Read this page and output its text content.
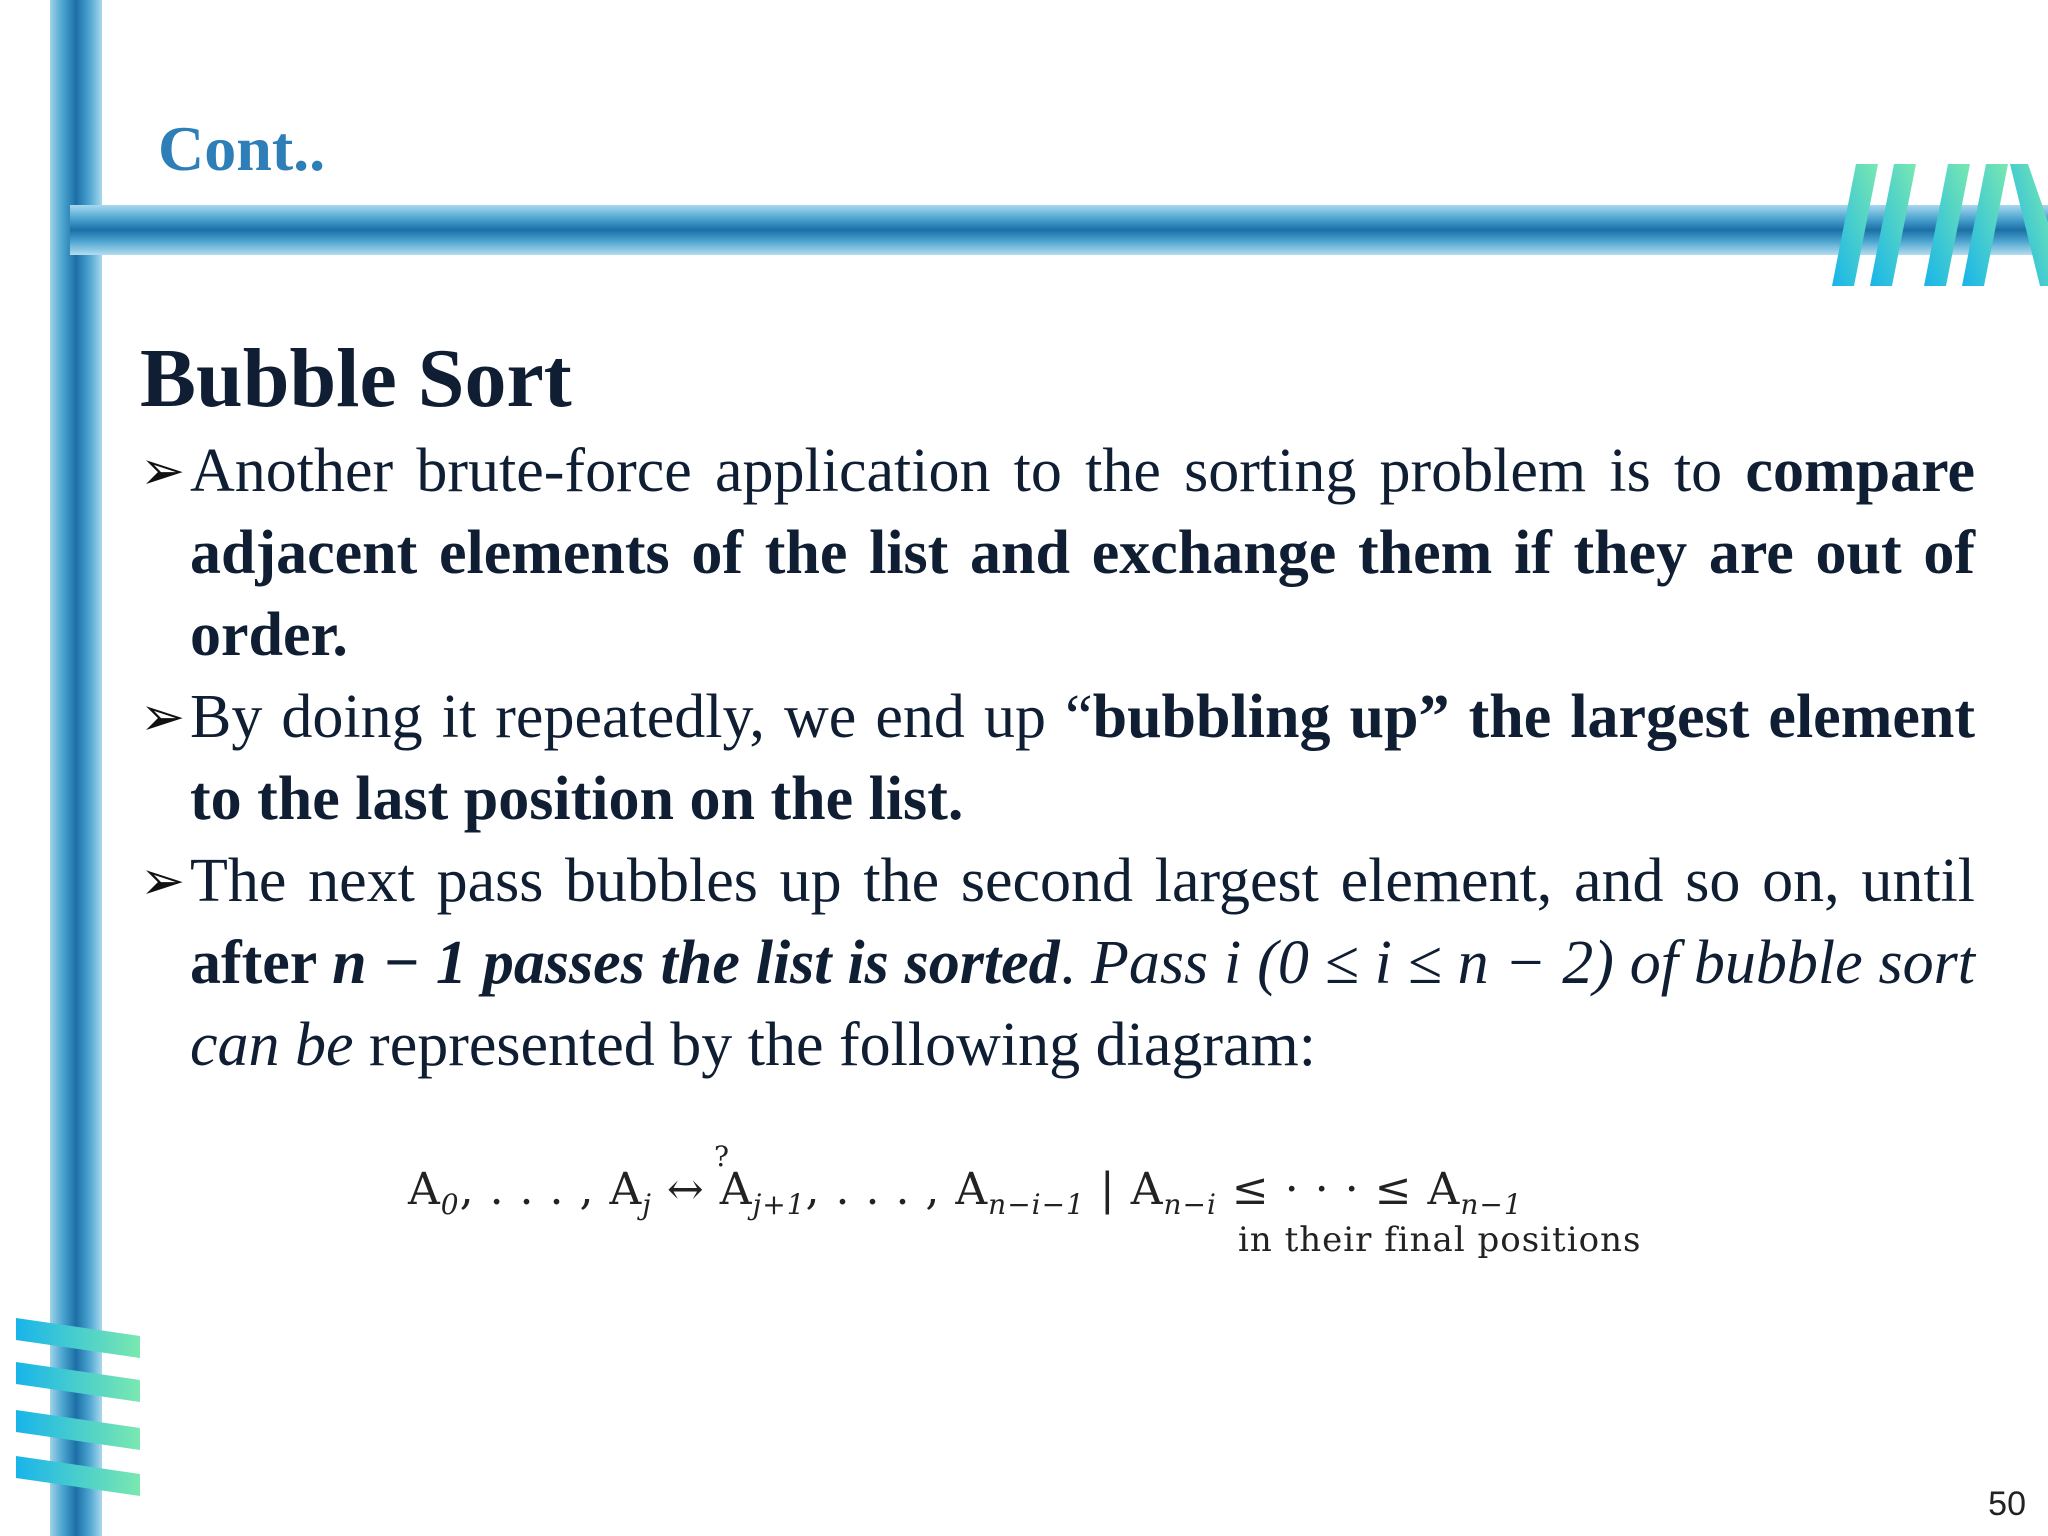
Cont..
Bubble Sort

➢ Another brute-force application to the sorting problem is to compare adjacent elements of the list and exchange them if they are out of order.

➢ By doing it repeatedly, we end up “bubbling up” the largest element to the last position on the list.

➢ The next pass bubbles up the second largest element, and so on, until after n − 1 passes the list is sorted. Pass i (0 ≤ i ≤ n − 2) of bubble sort can be represented by the following diagram:

?
$A_0$, . . . , $A_j$ ↔ $A_{j+1}$, . . . , $A_{n-i-1}$ | $A_{n-i}$ ≤ · · · ≤ $A_{n-1}$
in their final positions
50
